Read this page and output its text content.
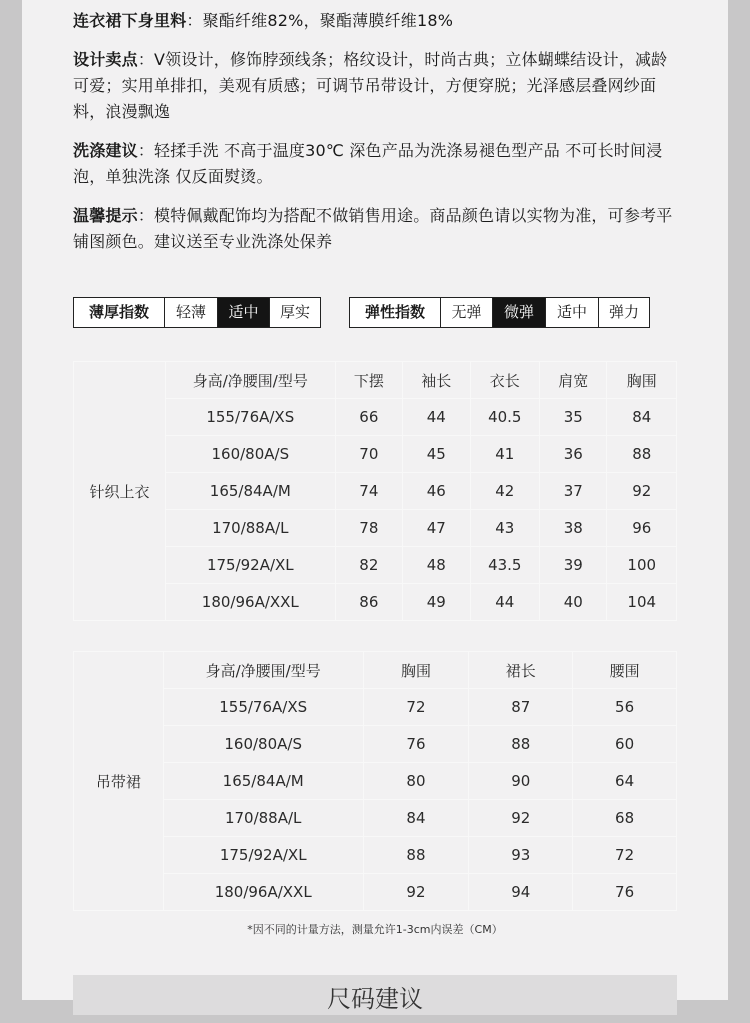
连衣裙下身里料：聚酯纤维82%，聚酯薄膜纤维18%

设计卖点：V领设计，修饰脖颈线条；格纹设计，时尚古典；立体蝴蝶结设计，减龄可爱；实用单排扣，美观有质感；可调节吊带设计，方便穿脱；光泽感层叠网纱面料，浪漫飘逸

洗涤建议：轻揉手洗 不高于温度30℃ 深色产品为洗涤易褪色型产品 不可长时间浸泡，单独洗涤 仅反面熨烫。

温馨提示：模特佩戴配饰均为搭配不做销售用途。商品颜色请以实物为准，可参考平铺图颜色。建议送至专业洗涤处保养

薄厚指数	轻薄	适中	厚实	弹性指数	无弹	微弹	适中	弹力
针织上衣	身高/净腰围/型号	下摆	袖长	衣长	肩宽	胸围
	155/76A/XS	66	44	40.5	35	84
	160/80A/S	70	45	41	36	88
	165/84A/M	74	46	42	37	92
	170/88A/L	78	47	43	38	96
	175/92A/XL	82	48	43.5	39	100
	180/96A/XXL	86	49	44	40	104
吊带裙	身高/净腰围/型号	胸围	裙长	腰围
	155/76A/XS	72	87	56
	160/80A/S	76	88	60
	165/84A/M	80	90	64
	170/88A/L	84	92	68
	175/92A/XL	88	93	72
	180/96A/XXL	92	94	76
*因不同的计量方法，测量允许1-3cm内误差（CM）
尺码建议
